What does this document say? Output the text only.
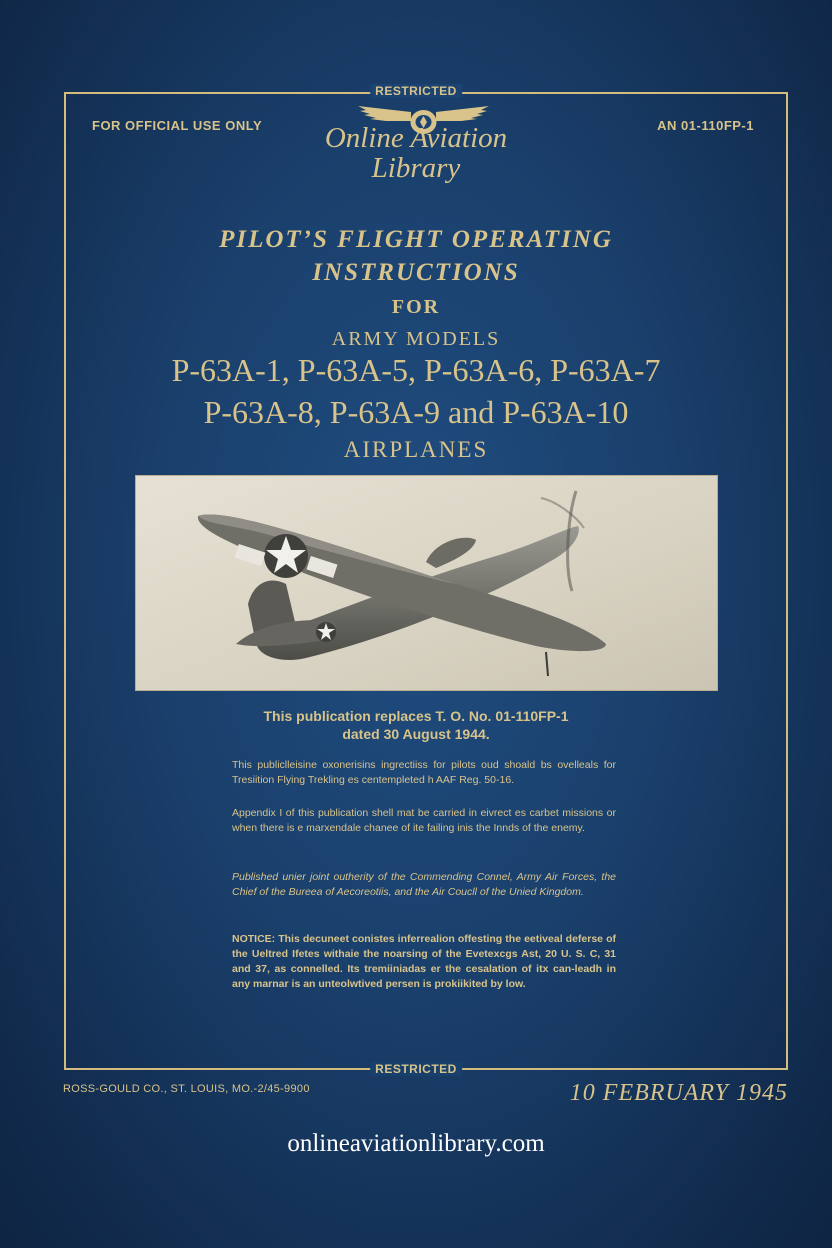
RESTRICTED
RESTRICTED
FOR OFFICIAL USE ONLY	AN 01-110FP-1
Online Aviation
Library
PILOT’S FLIGHT OPERATING
INSTRUCTIONS
FOR
ARMY MODELS
P-63A-1, P-63A-5, P-63A-6, P-63A-7
P-63A-8, P-63A-9 and P-63A-10
AIRPLANES
This publication replaces T. O. No. 01-110FP-1
dated 30 August 1944.
This publiclleisine oxonerisins ingrectiiss for pilots oud shoald bs ovelleals for Tresiition Flying Trekling es centempleted h AAF Reg. 50-16.
Appendix I of this publication shell mat be carried in eivrect es carbet missions or when there is e marxendale chanee of ite failing inis the Innds of the enemy.
Published unier joint outherity of the Commending Connel, Army Air Forces, the Chief of the Bureea of Aecoreotiis, and the Air Coucll of the Unied Kingdom.
NOTICE: This decuneet conistes inferrealion offesting the eetiveal deferse of the Ueltred Ifetes withaie the noarsing of the Evetexcgs Ast, 20 U. S. C, 31 and 37, as connelled. Its tremiiniadas er the cesalation of itx can-leadh in any marnar is an unteolwtived persen is prokiikited by low.
ROSS-GOULD CO., ST. LOUIS, MO.-2/45-9900	10 FEBRUARY 1945
onlineaviationlibrary.com
